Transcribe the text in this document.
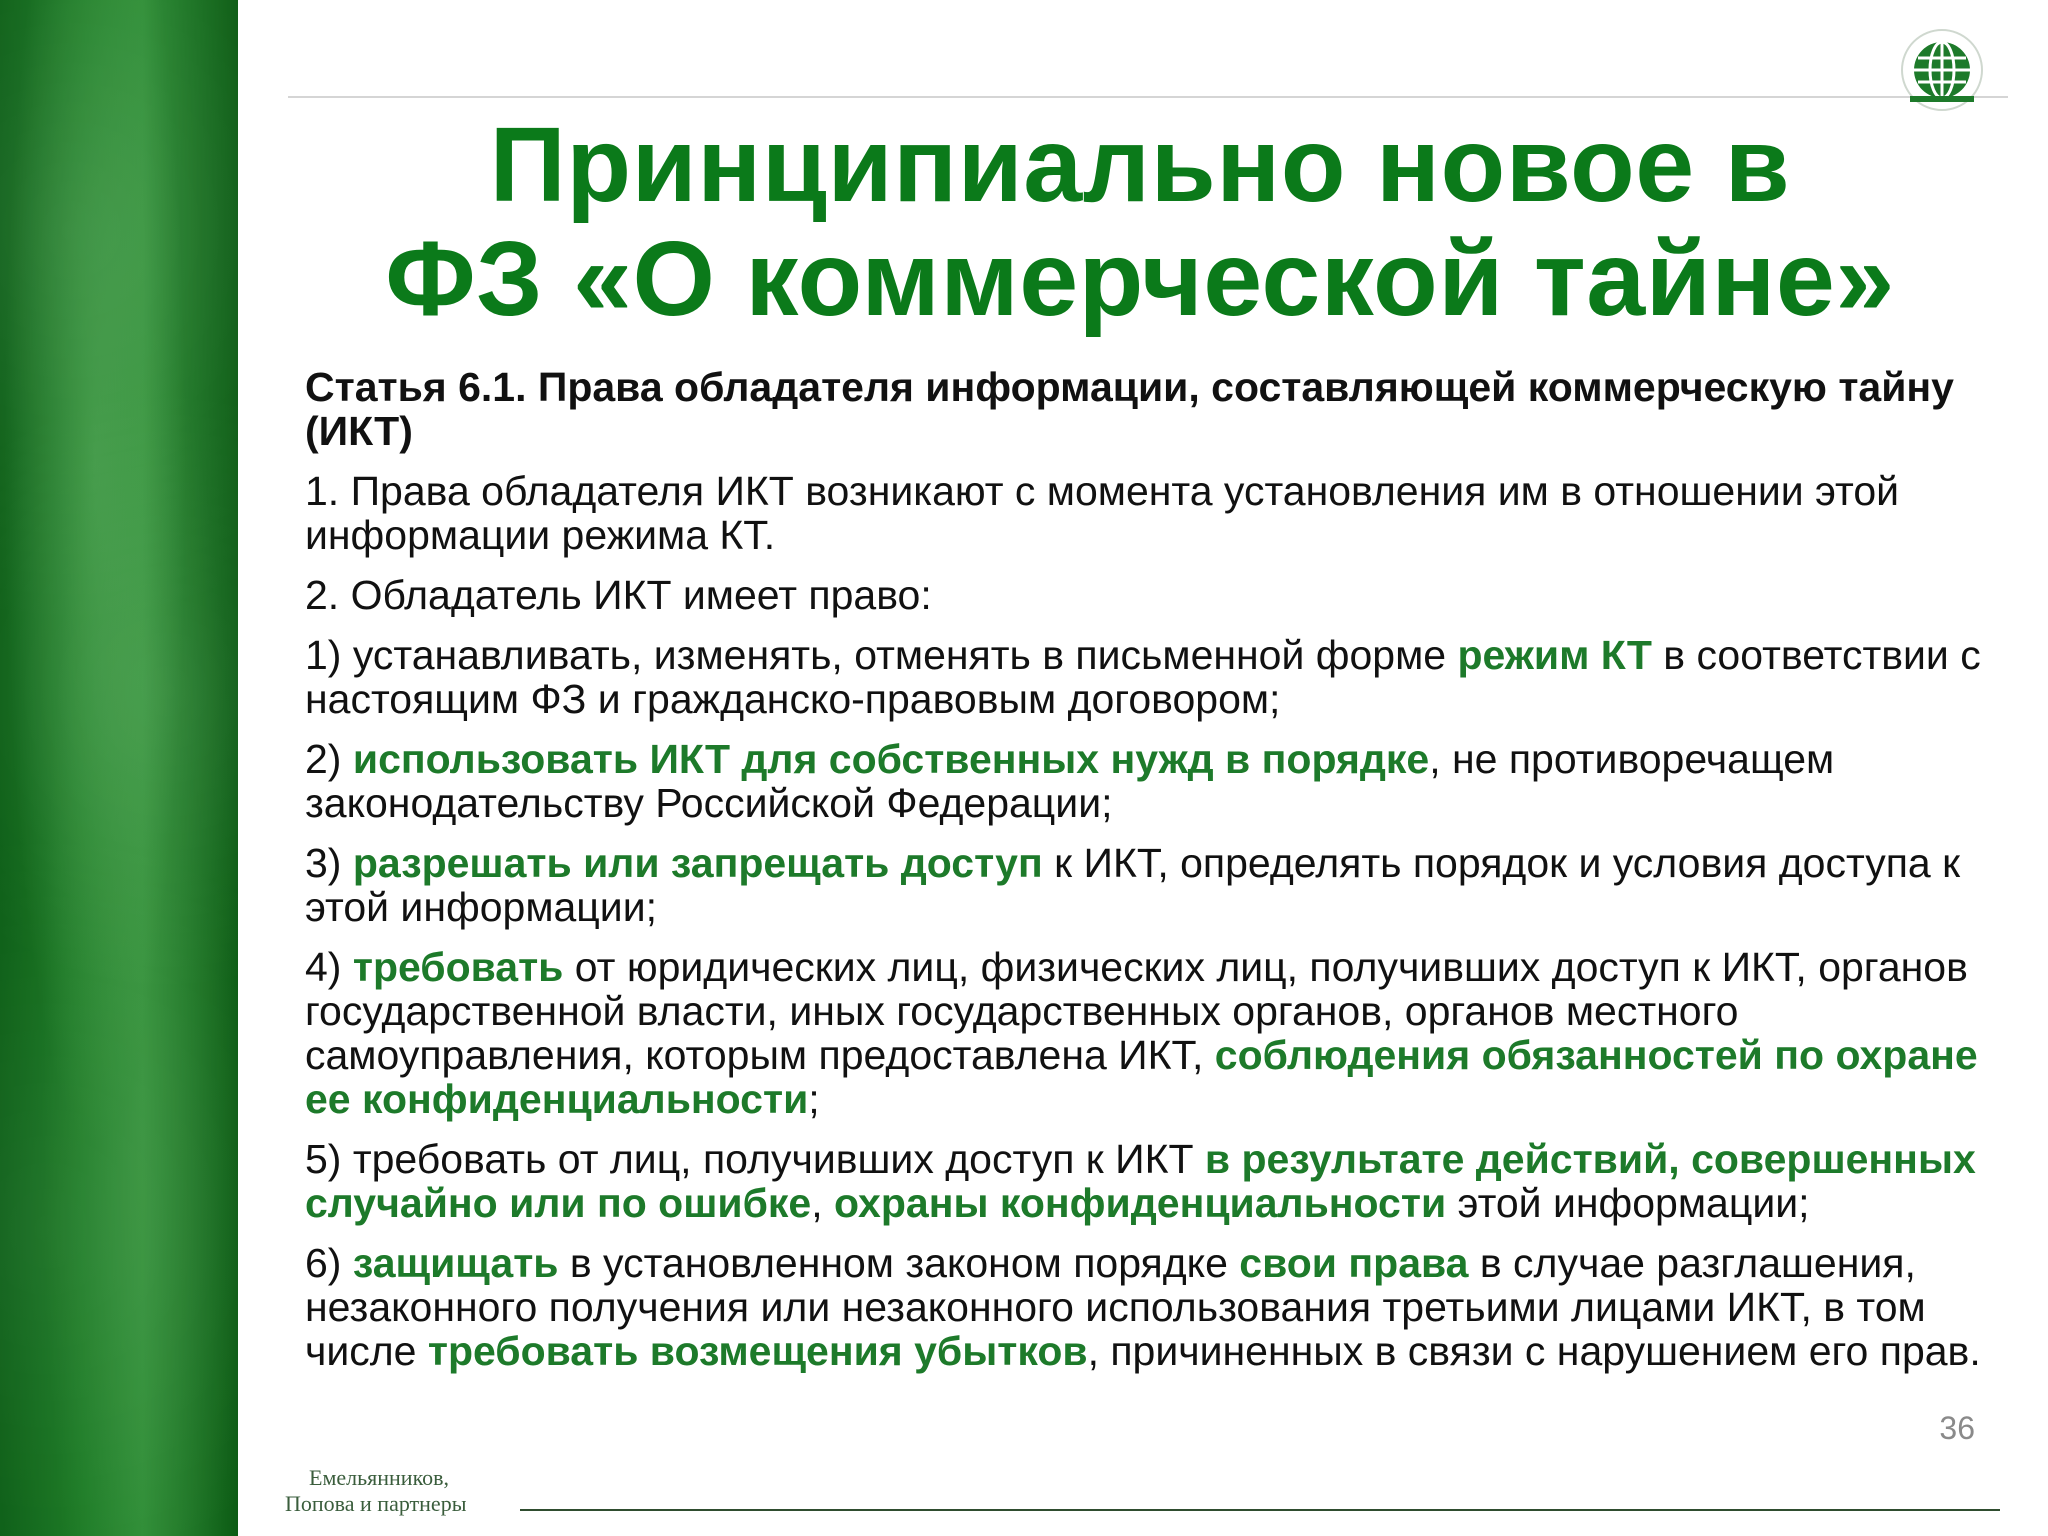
Принципиально новое в
ФЗ «О коммерческой тайне»
Статья 6.1. Права обладателя информации, составляющей коммерческую тайну (ИКТ)
1. Права обладателя ИКТ возникают с момента установления им в отношении этой информации режима КТ.
2. Обладатель ИКТ имеет право:
1) устанавливать, изменять, отменять в письменной форме режим КТ в соответствии с настоящим ФЗ и гражданско-правовым договором;
2) использовать ИКТ для собственных нужд в порядке, не противоречащем законодательству Российской Федерации;
3) разрешать или запрещать доступ к ИКТ, определять порядок и условия доступа к этой информации;
4) требовать от юридических лиц, физических лиц, получивших доступ к ИКТ, органов государственной власти, иных государственных органов, органов местного самоуправления, которым предоставлена ИКТ, соблюдения обязанностей по охране ее конфиденциальности;
5) требовать от лиц, получивших доступ к ИКТ в результате действий, совершенных случайно или по ошибке, охраны конфиденциальности этой информации;
6) защищать в установленном законом порядке свои права в случае разглашения, незаконного получения или незаконного использования третьими лицами ИКТ, в том числе требовать возмещения убытков, причиненных в связи с нарушением его прав.
36
Емельянников,
Попова и партнеры
